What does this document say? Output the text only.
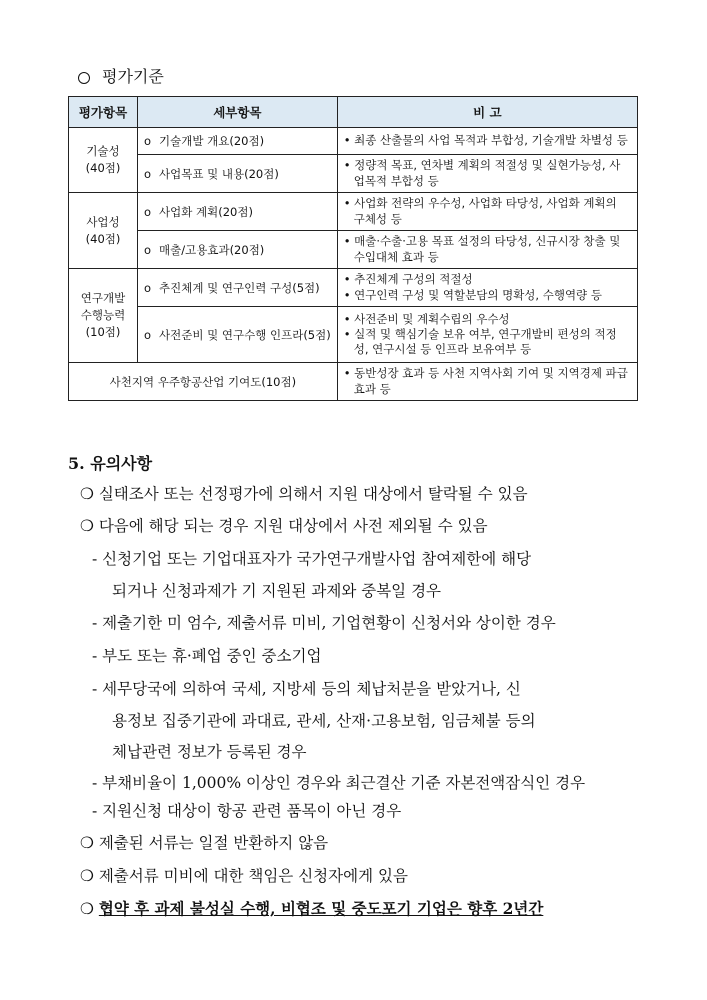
평가기준
평가항목	세부항목	비 고
기술성
(40점)	o 기술개발 개요(20점)	• 최종 산출물의 사업 목적과 부합성, 기술개발 차별성 등

	o 사업목표 및 내용(20점)	• 정량적 목표, 연차별 계획의 적절성 및 실현가능성, 사업목적 부합성 등

사업성
(40점)	o 사업화 계획(20점)	• 사업화 전략의 우수성, 사업화 타당성, 사업화 계획의 구체성 등

	o 매출/고용효과(20점)	• 매출·수출·고용 목표 설정의 타당성, 신규시장 창출 및 수입대체 효과 등

연구개발
수행능력
(10점)	o 추진체계 및 연구인력 구성(5점)	• 추진체계 구성의 적절성
• 연구인력 구성 및 역할분담의 명확성, 수행역량 등

	o 사전준비 및 연구수행 인프라(5점)	• 사전준비 및 계획수립의 우수성
• 실적 및 핵심기술 보유 여부, 연구개발비 편성의 적정성, 연구시설 등 인프라 보유여부 등

사천지역 우주항공산업 기여도(10점)		• 동반성장 효과 등 사천 지역사회 기여 및 지역경제 파급효과 등
5. 유의사항
❍ 실태조사 또는 선정평가에 의해서 지원 대상에서 탈락될 수 있음
❍ 다음에 해당 되는 경우 지원 대상에서 사전 제외될 수 있음
- 신청기업 또는 기업대표자가 국가연구개발사업 참여제한에 해당
되거나 신청과제가 기 지원된 과제와 중복일 경우
- 제출기한 미 엄수, 제출서류 미비, 기업현황이 신청서와 상이한 경우
- 부도 또는 휴·폐업 중인 중소기업
- 세무당국에 의하여 국세, 지방세 등의 체납처분을 받았거나, 신
용정보 집중기관에 과대료, 관세, 산재·고용보험, 임금체불 등의
체납관련 정보가 등록된 경우
- 부채비율이 1,000% 이상인 경우와 최근결산 기준 자본전액잠식인 경우
- 지원신청 대상이 항공 관련 품목이 아닌 경우
❍ 제출된 서류는 일절 반환하지 않음
❍ 제출서류 미비에 대한 책임은 신청자에게 있음
❍ 협약 후 과제 불성실 수행, 비협조 및 중도포기 기업은 향후 2년간
